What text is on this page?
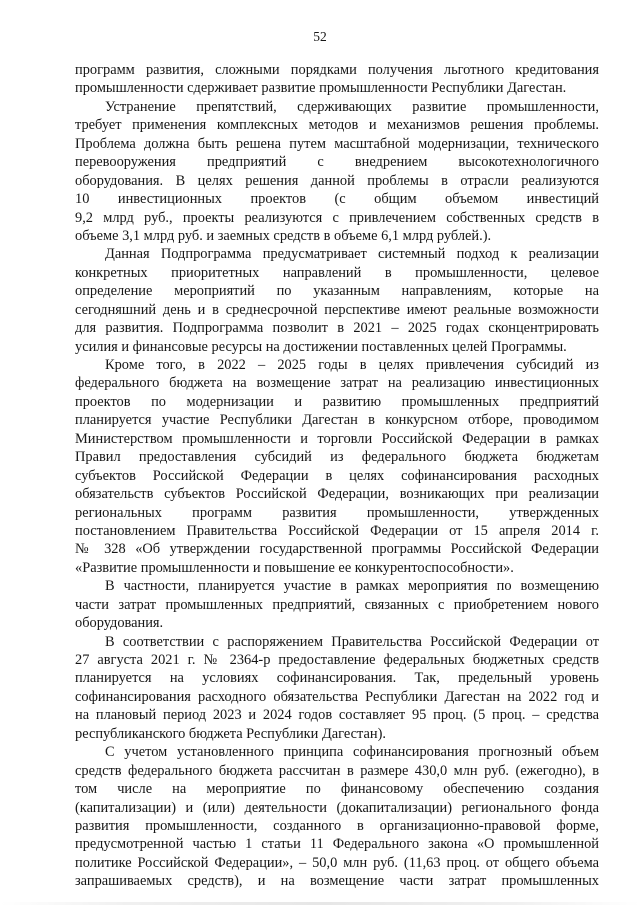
52
программ развития, сложными порядками получения льготного кредитования
промышленности сдерживает развитие промышленности Республики Дагестан.
Устранение препятствий, сдерживающих развитие промышленности,
требует применения комплексных методов и механизмов решения проблемы.
Проблема должна быть решена путем масштабной модернизации, технического
перевооружения предприятий с внедрением высокотехнологичного
оборудования. В целях решения данной проблемы в отрасли реализуются
10 инвестиционных проектов (с общим объемом инвестиций
9,2 млрд руб., проекты реализуются с привлечением собственных средств в
объеме 3,1 млрд руб. и заемных средств в объеме 6,1 млрд рублей.).
Данная Подпрограмма предусматривает системный подход к реализации
конкретных приоритетных направлений в промышленности, целевое
определение мероприятий по указанным направлениям, которые на
сегодняшний день и в среднесрочной перспективе имеют реальные возможности
для развития. Подпрограмма позволит в 2021 – 2025 годах сконцентрировать
усилия и финансовые ресурсы на достижении поставленных целей Программы.
Кроме того, в 2022 – 2025 годы в целях привлечения субсидий из
федерального бюджета на возмещение затрат на реализацию инвестиционных
проектов по модернизации и развитию промышленных предприятий
планируется участие Республики Дагестан в конкурсном отборе, проводимом
Министерством промышленности и торговли Российской Федерации в рамках
Правил предоставления субсидий из федерального бюджета бюджетам
субъектов Российской Федерации в целях софинансирования расходных
обязательств субъектов Российской Федерации, возникающих при реализации
региональных программ развития промышленности, утвержденных
постановлением Правительства Российской Федерации от 15 апреля 2014 г.
№ 328 «Об утверждении государственной программы Российской Федерации
«Развитие промышленности и повышение ее конкурентоспособности».
В частности, планируется участие в рамках мероприятия по возмещению
части затрат промышленных предприятий, связанных с приобретением нового
оборудования.
В соответствии с распоряжением Правительства Российской Федерации от
27 августа 2021 г. № 2364-р предоставление федеральных бюджетных средств
планируется на условиях софинансирования. Так, предельный уровень
софинансирования расходного обязательства Республики Дагестан на 2022 год и
на плановый период 2023 и 2024 годов составляет 95 проц. (5 проц. – средства
республиканского бюджета Республики Дагестан).
С учетом установленного принципа софинансирования прогнозный объем
средств федерального бюджета рассчитан в размере 430,0 млн руб. (ежегодно), в
том числе на мероприятие по финансовому обеспечению создания
(капитализации) и (или) деятельности (докапитализации) регионального фонда
развития промышленности, созданного в организационно-правовой форме,
предусмотренной частью 1 статьи 11 Федерального закона «О промышленной
политике Российской Федерации», – 50,0 млн руб. (11,63 проц. от общего объема
запрашиваемых средств), и на возмещение части затрат промышленных
